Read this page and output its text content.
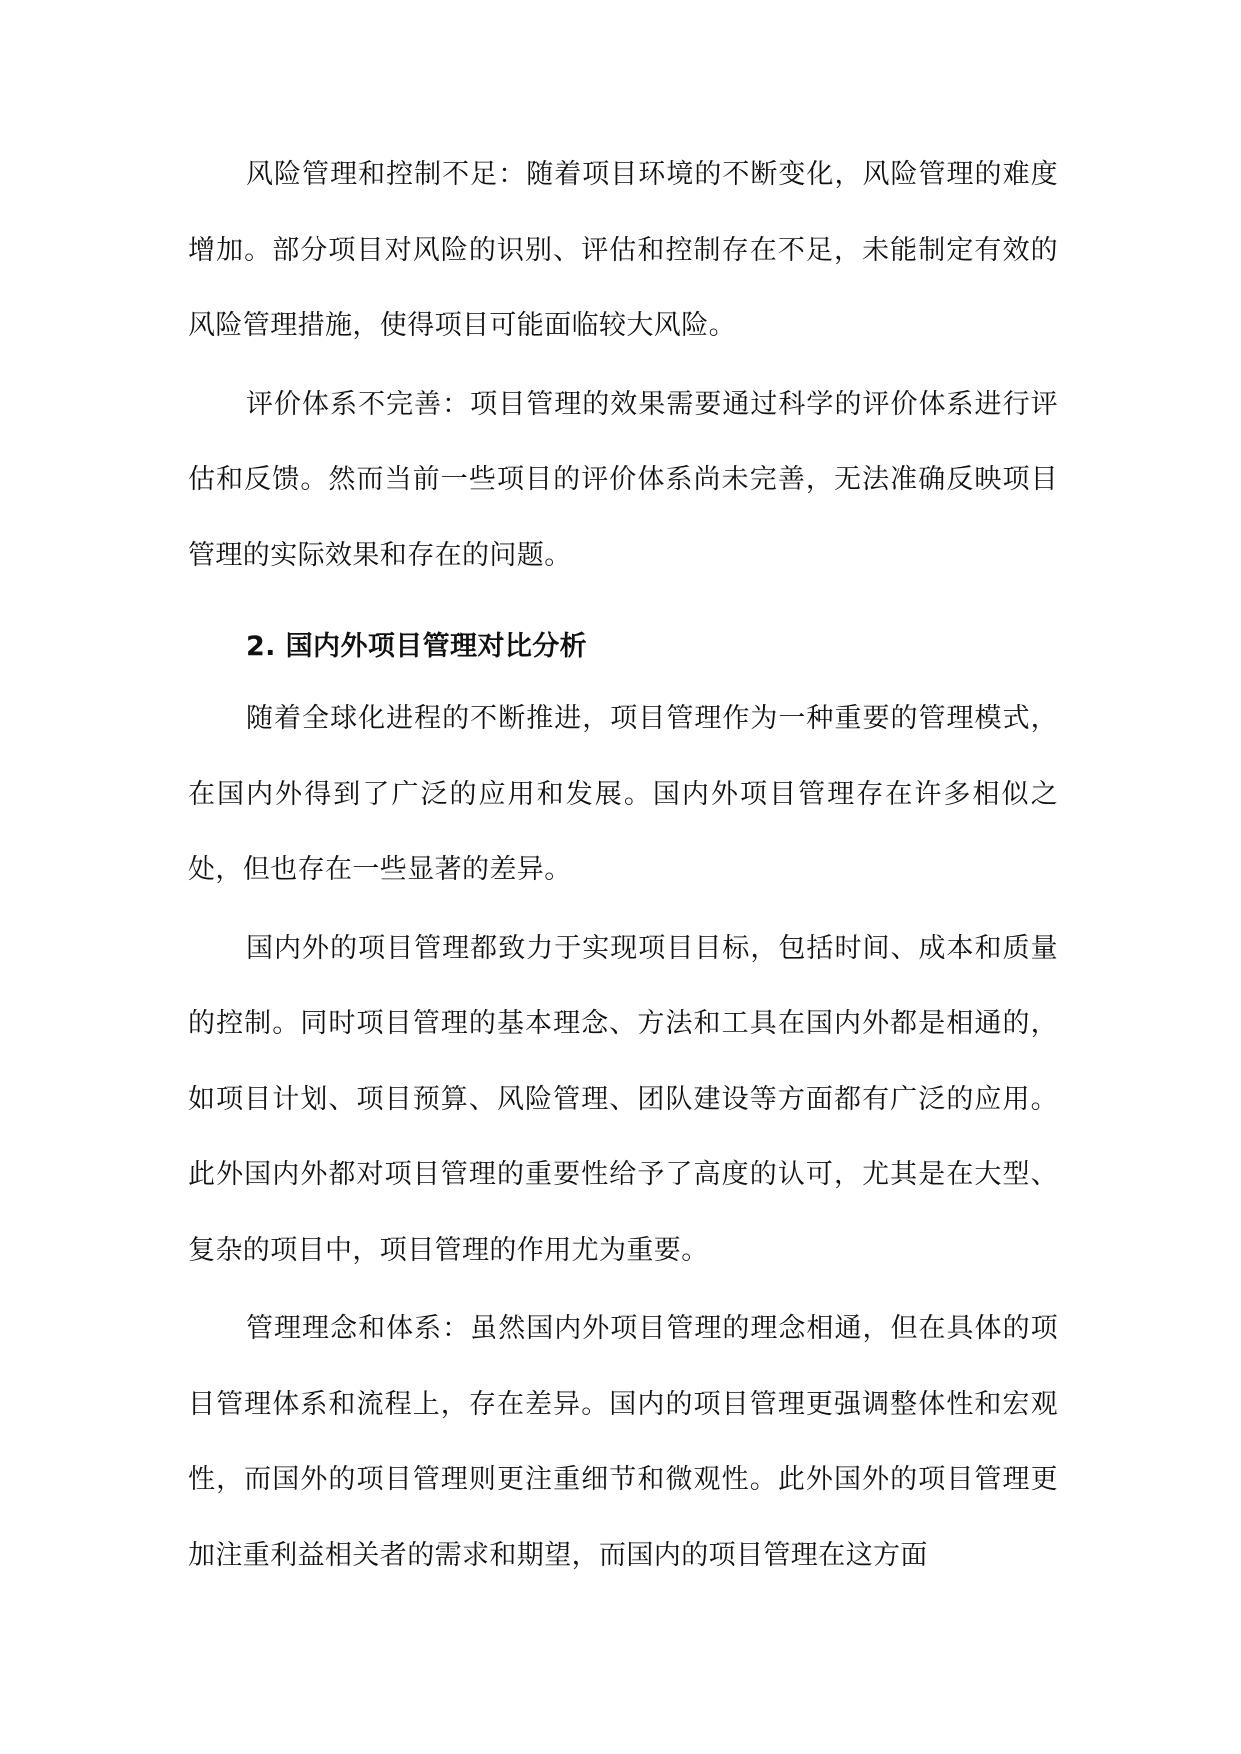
风险管理和控制不足：随着项目环境的不断变化，风险管理的难度增加。部分项目对风险的识别、评估和控制存在不足，未能制定有效的风险管理措施，使得项目可能面临较大风险。

评价体系不完善：项目管理的效果需要通过科学的评价体系进行评估和反馈。然而当前一些项目的评价体系尚未完善，无法准确反映项目管理的实际效果和存在的问题。

2. 国内外项目管理对比分析

随着全球化进程的不断推进，项目管理作为一种重要的管理模式，在国内外得到了广泛的应用和发展。国内外项目管理存在许多相似之处，但也存在一些显著的差异。

国内外的项目管理都致力于实现项目目标，包括时间、成本和质量的控制。同时项目管理的基本理念、方法和工具在国内外都是相通的，如项目计划、项目预算、风险管理、团队建设等方面都有广泛的应用。此外国内外都对项目管理的重要性给予了高度的认可，尤其是在大型、复杂的项目中，项目管理的作用尤为重要。

管理理念和体系：虽然国内外项目管理的理念相通，但在具体的项目管理体系和流程上，存在差异。国内的项目管理更强调整体性和宏观性，而国外的项目管理则更注重细节和微观性。此外国外的项目管理更加注重利益相关者的需求和期望，而国内的项目管理在这方面
